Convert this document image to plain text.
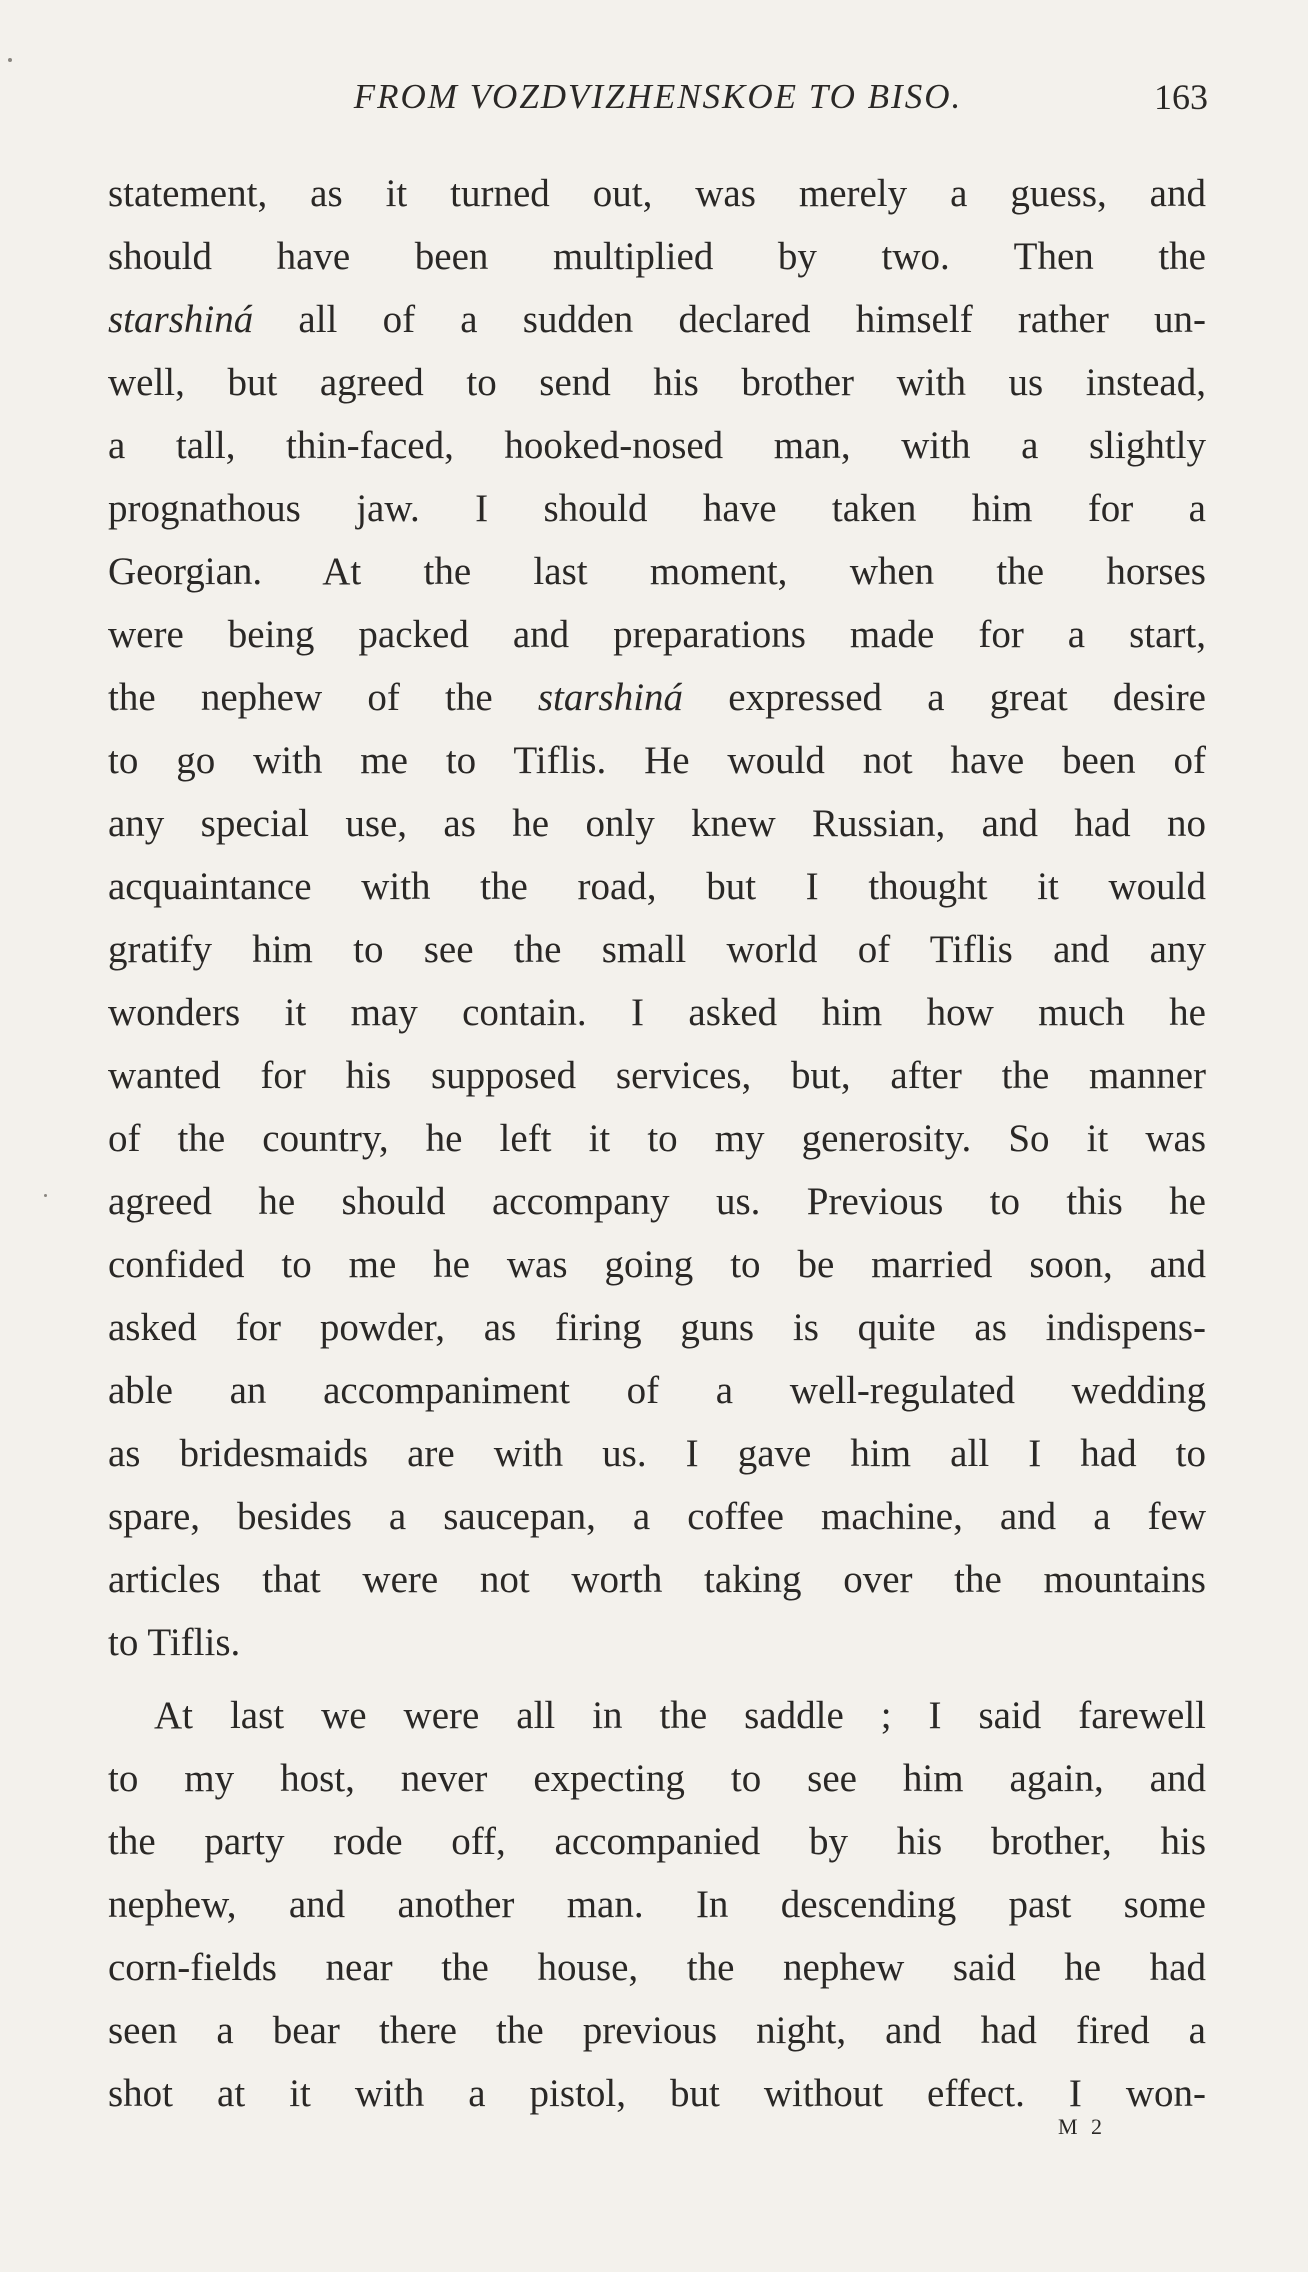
FROM VOZDVIZHENSKOE TO BISO.	163
statement, as it turned out, was merely a guess, and
should have been multiplied by two. Then the
starshiná all of a sudden declared himself rather un-
well, but agreed to send his brother with us instead,
a tall, thin-faced, hooked-nosed man, with a slightly
prognathous jaw. I should have taken him for a
Georgian. At the last moment, when the horses
were being packed and preparations made for a start,
the nephew of the starshiná expressed a great desire
to go with me to Tiflis. He would not have been of
any special use, as he only knew Russian, and had no
acquaintance with the road, but I thought it would
gratify him to see the small world of Tiflis and any
wonders it may contain. I asked him how much he
wanted for his supposed services, but, after the manner
of the country, he left it to my generosity. So it was
agreed he should accompany us. Previous to this he
confided to me he was going to be married soon, and
asked for powder, as firing guns is quite as indispens-
able an accompaniment of a well-regulated wedding
as bridesmaids are with us. I gave him all I had to
spare, besides a saucepan, a coffee machine, and a few
articles that were not worth taking over the mountains
to Tiflis.
At last we were all in the saddle ; I said farewell
to my host, never expecting to see him again, and
the party rode off, accompanied by his brother, his
nephew, and another man. In descending past some
corn-fields near the house, the nephew said he had
seen a bear there the previous night, and had fired a
shot at it with a pistol, but without effect. I won-
M 2
